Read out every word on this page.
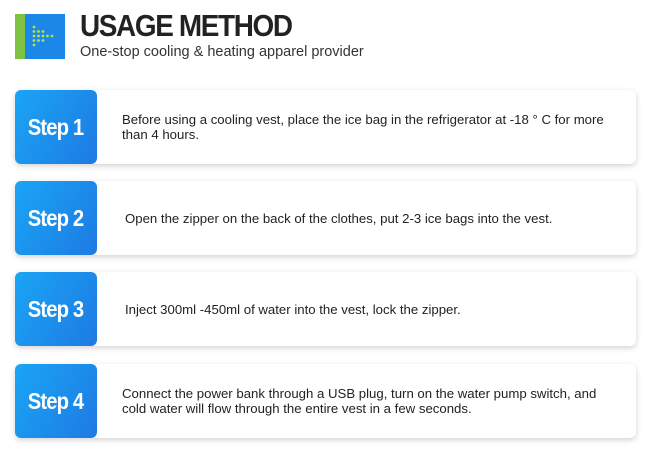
USAGE METHOD
One-stop cooling & heating apparel provider
Step 1	Before using a cooling vest, place the ice bag in the refrigerator at -18 ° C for more than 4 hours.
Step 2	Open the zipper on the back of the clothes, put 2-3 ice bags into the vest.
Step 3	Inject 300ml -450ml of water into the vest, lock the zipper.
Step 4	Connect the power bank through a USB plug, turn on the water pump switch, and cold water will flow through the entire vest in a few seconds.
